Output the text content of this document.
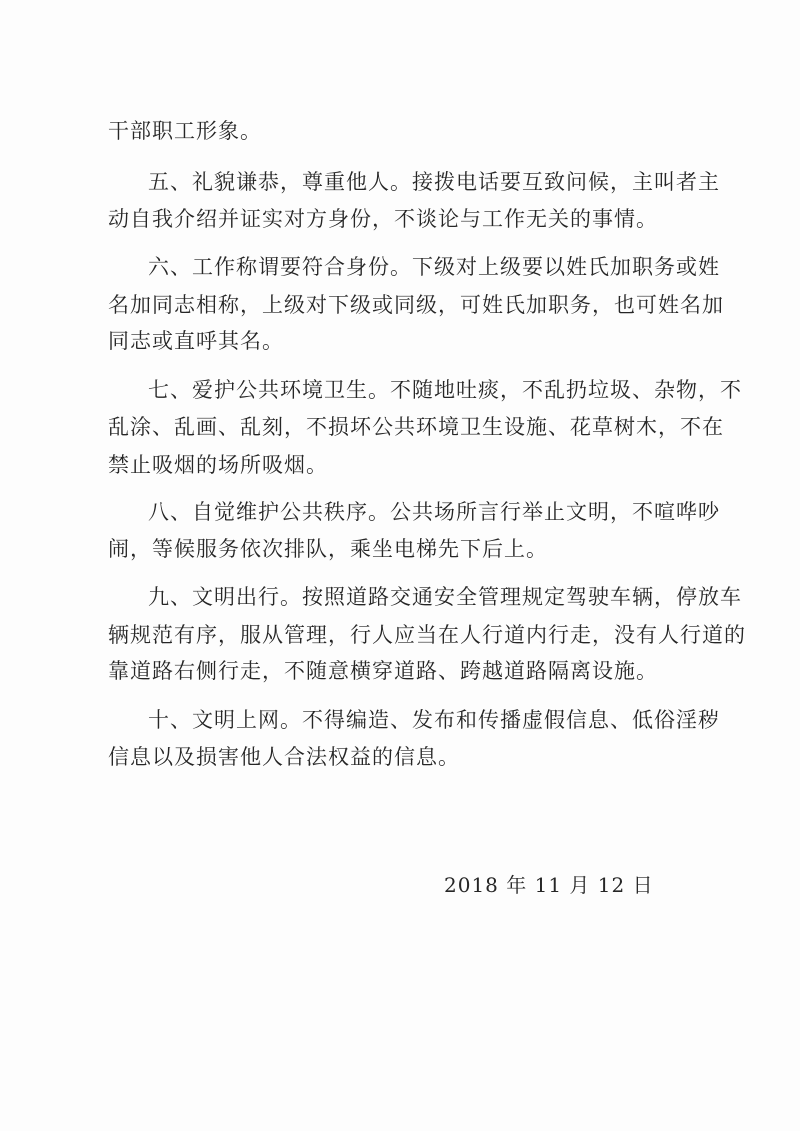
干部职工形象。

五、礼貌谦恭，尊重他人。接拨电话要互致问候，主叫者主

动自我介绍并证实对方身份，不谈论与工作无关的事情。

六、工作称谓要符合身份。下级对上级要以姓氏加职务或姓

名加同志相称，上级对下级或同级，可姓氏加职务，也可姓名加

同志或直呼其名。

七、爱护公共环境卫生。不随地吐痰，不乱扔垃圾、杂物，不

乱涂、乱画、乱刻，不损坏公共环境卫生设施、花草树木，不在

禁止吸烟的场所吸烟。

八、自觉维护公共秩序。公共场所言行举止文明，不喧哗吵

闹，等候服务依次排队，乘坐电梯先下后上。

九、文明出行。按照道路交通安全管理规定驾驶车辆，停放车

辆规范有序，服从管理，行人应当在人行道内行走，没有人行道的

靠道路右侧行走，不随意横穿道路、跨越道路隔离设施。

十、文明上网。不得编造、发布和传播虚假信息、低俗淫秽

信息以及损害他人合法权益的信息。

2018 年 11 月 12 日
